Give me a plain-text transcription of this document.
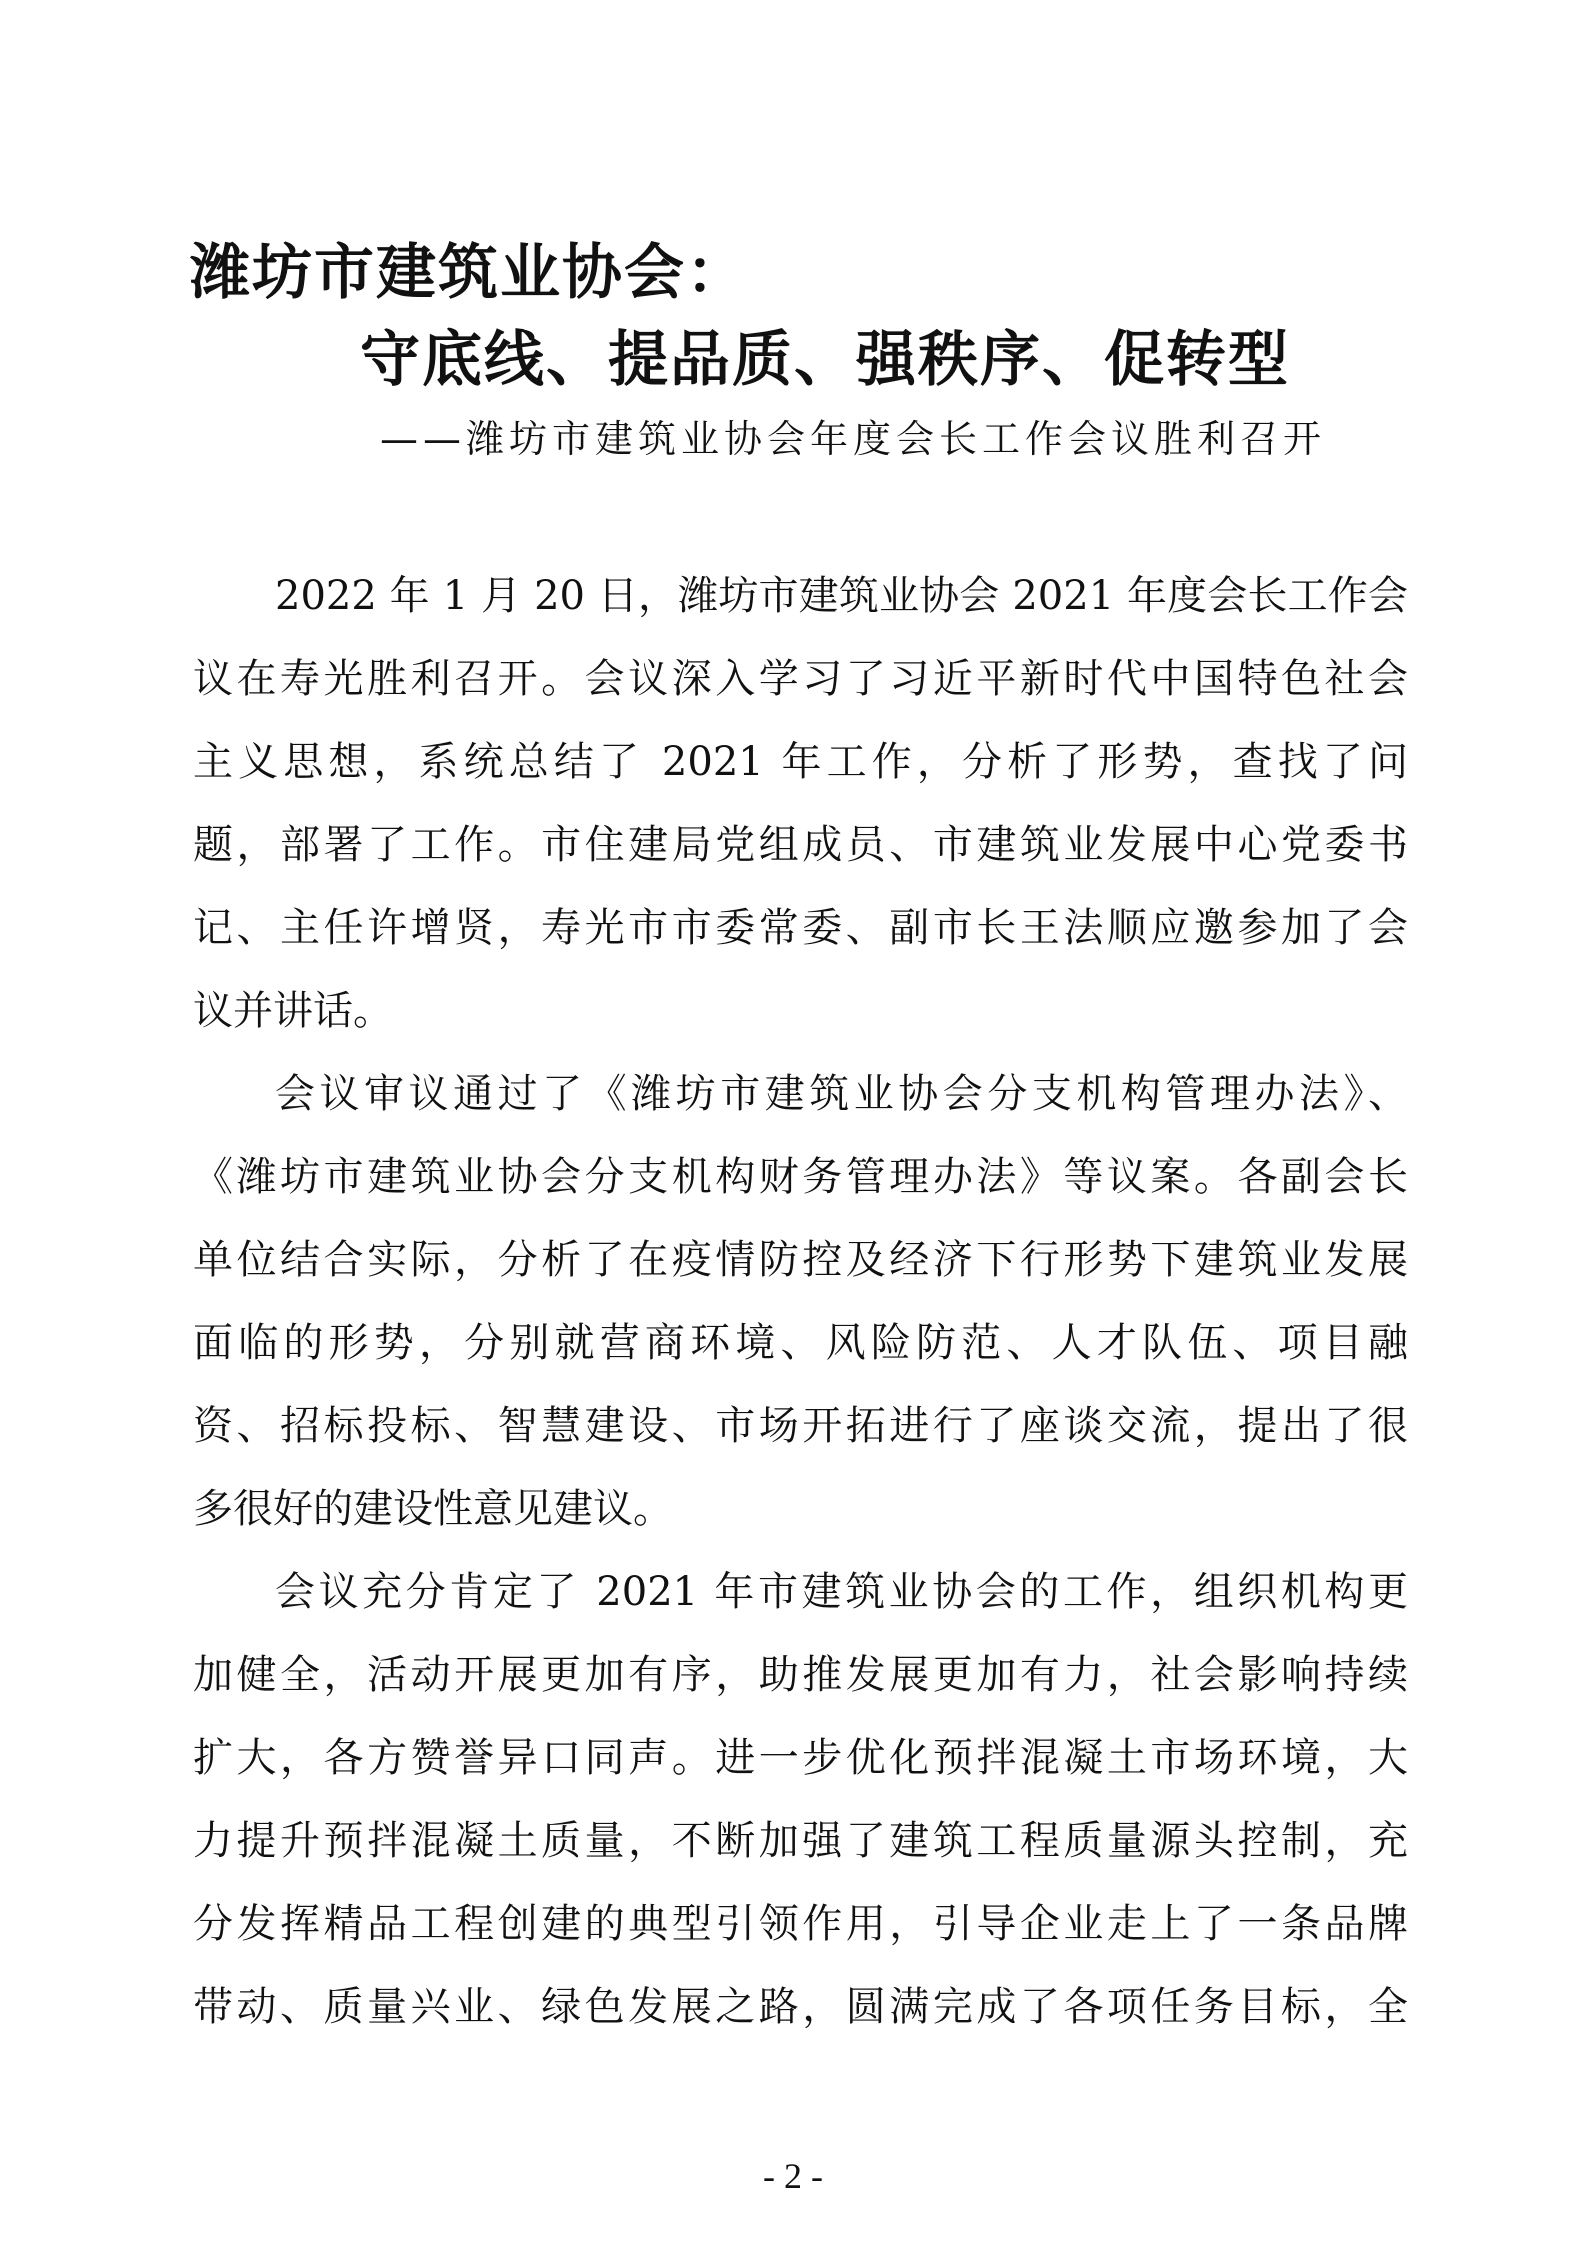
潍坊市建筑业协会：
守底线、提品质、强秩序、促转型
——潍坊市建筑业协会年度会长工作会议胜利召开
2022 年 1 月 20 日，潍坊市建筑业协会 2021 年度会长工作会
议在寿光胜利召开。会议深入学习了习近平新时代中国特色社会
主义思想，系统总结了 2021 年工作，分析了形势，查找了问
题，部署了工作。市住建局党组成员、市建筑业发展中心党委书
记、主任许增贤，寿光市市委常委、副市长王法顺应邀参加了会
议并讲话。
会议审议通过了《潍坊市建筑业协会分支机构管理办法》、
《潍坊市建筑业协会分支机构财务管理办法》等议案。各副会长
单位结合实际，分析了在疫情防控及经济下行形势下建筑业发展
面临的形势，分别就营商环境、风险防范、人才队伍、项目融
资、招标投标、智慧建设、市场开拓进行了座谈交流，提出了很
多很好的建设性意见建议。
会议充分肯定了 2021 年市建筑业协会的工作，组织机构更
加健全，活动开展更加有序，助推发展更加有力，社会影响持续
扩大，各方赞誉异口同声。进一步优化预拌混凝土市场环境，大
力提升预拌混凝土质量，不断加强了建筑工程质量源头控制，充
分发挥精品工程创建的典型引领作用，引导企业走上了一条品牌
带动、质量兴业、绿色发展之路，圆满完成了各项任务目标，全
- 2 -
